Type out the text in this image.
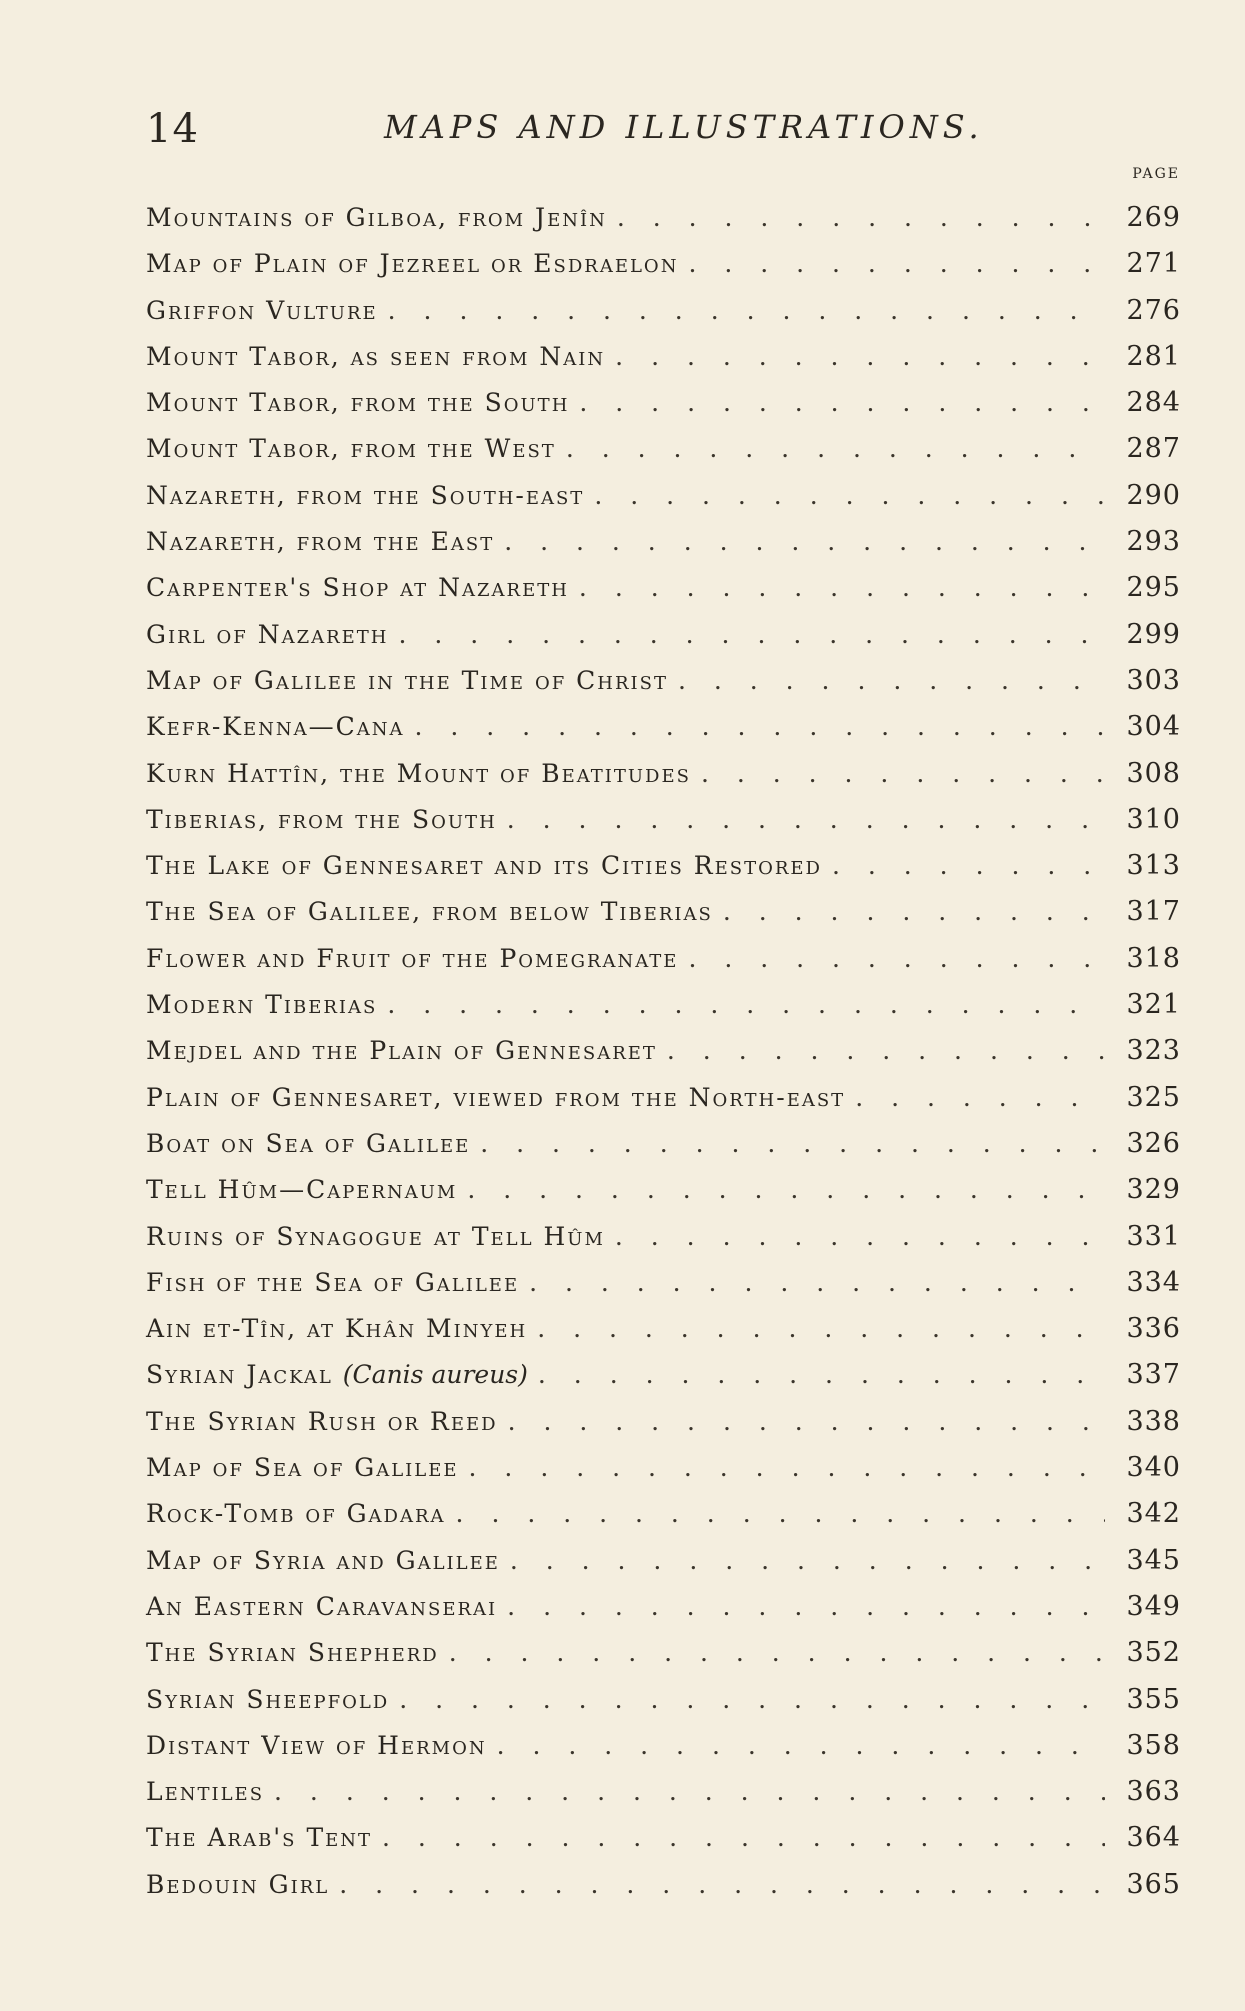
14	MAPS AND ILLUSTRATIONS.
PAGE
Mountains of Gilboa, from Jenîn . . .	269
Map of Plain of Jezreel or Esdraelon . . .	271
Griffon Vulture . . .	276
Mount Tabor, as seen from Nain . . .	281
Mount Tabor, from the South . . .	284
Mount Tabor, from the West . . .	287
Nazareth, from the South-east . . .	290
Nazareth, from the East . . .	293
Carpenter's Shop at Nazareth . . .	295
Girl of Nazareth . . .	299
Map of Galilee in the Time of Christ . . .	303
Kefr-Kenna—Cana . . .	304
Kurn Hattîn, the Mount of Beatitudes . . .	308
Tiberias, from the South . . .	310
The Lake of Gennesaret and its Cities Restored . . .	313
The Sea of Galilee, from below Tiberias . . .	317
Flower and Fruit of the Pomegranate . . .	318
Modern Tiberias . . .	321
Mejdel and the Plain of Gennesaret . . .	323
Plain of Gennesaret, viewed from the North-east . . .	325
Boat on Sea of Galilee . . .	326
Tell Hûm—Capernaum . . .	329
Ruins of Synagogue at Tell Hûm . . .	331
Fish of the Sea of Galilee . . .	334
Ain et-Tîn, at Khân Minyeh . . .	336
Syrian Jackal (Canis aureus) . . .	337
The Syrian Rush or Reed . . .	338
Map of Sea of Galilee . . .	340
Rock-Tomb of Gadara . . .	342
Map of Syria and Galilee . . .	345
An Eastern Caravanserai . . .	349
The Syrian Shepherd . . .	352
Syrian Sheepfold . . .	355
Distant View of Hermon . . .	358
Lentiles . . .	363
The Arab's Tent . . .	364
Bedouin Girl . . .	365
